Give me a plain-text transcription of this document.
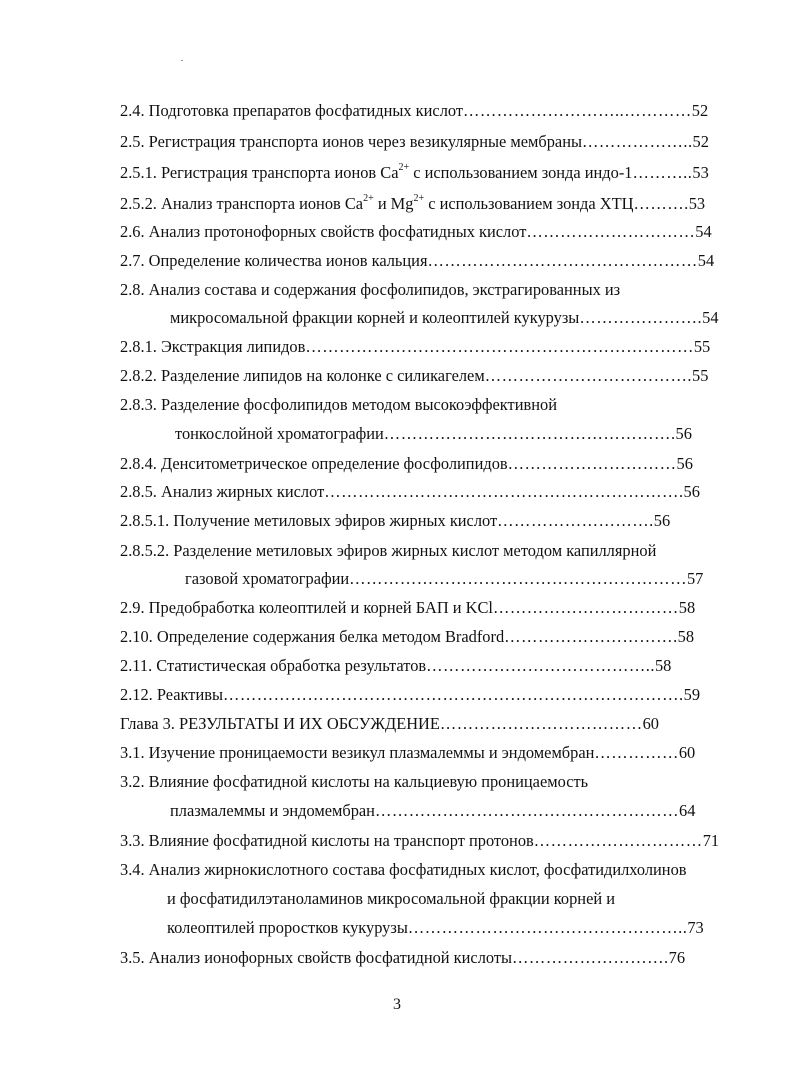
2.4. Подготовка препаратов фосфатидных кислот………………………..…………52
2.5. Регистрация транспорта ионов через везикулярные мембраны………………..52
2.5.1. Регистрация транспорта ионов $Ca^{2+}$ с использованием зонда индо-1………..53
2.5.2. Анализ транспорта ионов $Ca^{2+}$ и $Mg^{2+}$ с использованием зонда ХТЦ……….53
2.6. Анализ протонофорных свойств фосфатидных кислот…………………………54
2.7. Определение количества ионов кальция…………………………………………54
2.8. Анализ состава и содержания фосфолипидов, экстрагированных из
микросомальной фракции корней и колеоптилей кукурузы………………….54
2.8.1. Экстракция липидов……………………………………………………………55
2.8.2. Разделение липидов на колонке с силикагелем……………………………….55
2.8.3. Разделение фосфолипидов методом высокоэффективной
тонкослойной хроматографии…………………………………………….56
2.8.4. Денситометрическое определение фосфолипидов…………………………56
2.8.5. Анализ жирных кислот……………………………………………………….56
2.8.5.1. Получение метиловых эфиров жирных кислот……………………….56
2.8.5.2. Разделение метиловых эфиров жирных кислот методом капиллярной
газовой хроматографии……………………………………………………57
2.9. Предобработка колеоптилей и корней БАП и KCl……………………………58
2.10. Определение содержания белка методом Bradford………………………….58
2.11. Статистическая обработка результатов…………………………………..58
2.12. Реактивы……………………………………………………………………….59
Глава 3. РЕЗУЛЬТАТЫ И ИХ ОБСУЖДЕНИЕ………………………………60
3.1. Изучение проницаемости везикул плазмалеммы и эндомембран……………60
3.2. Влияние фосфатидной кислоты на кальциевую проницаемость
плазмалеммы и эндомембран………………………………………………64
3.3. Влияние фосфатидной кислоты на транспорт протонов…………………………71
3.4. Анализ жирнокислотного состава фосфатидных кислот, фосфатидилхолинов
и фосфатидилэтаноламинов микросомальной фракции корней и
колеоптилей проростков кукурузы…………………………………………..73
3.5. Анализ ионофорных свойств фосфатидной кислоты……………………….76
3
